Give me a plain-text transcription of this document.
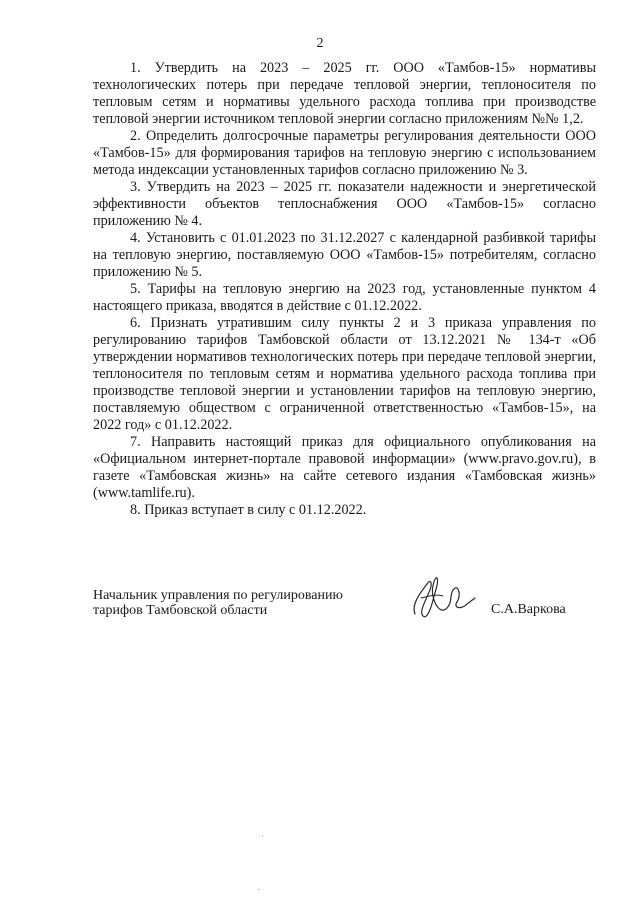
2

1. Утвердить на 2023 – 2025 гг. ООО «Тамбов-15» нормативы технологических потерь при передаче тепловой энергии, теплоносителя по тепловым сетям и нормативы удельного расхода топлива при производстве тепловой энергии источником тепловой энергии согласно приложениям №№ 1,2.

2. Определить долгосрочные параметры регулирования деятельности ООО «Тамбов-15» для формирования тарифов на тепловую энергию с использованием метода индексации установленных тарифов согласно приложению № 3.

3. Утвердить на 2023 – 2025 гг. показатели надежности и энергетической эффективности объектов теплоснабжения ООО «Тамбов-15» согласно приложению № 4.

4. Установить с 01.01.2023 по 31.12.2027 с календарной разбивкой тарифы на тепловую энергию, поставляемую ООО «Тамбов-15» потребителям, согласно приложению № 5.

5. Тарифы на тепловую энергию на 2023 год, установленные пунктом 4 настоящего приказа, вводятся в действие с 01.12.2022.

6. Признать утратившим силу пункты 2 и 3 приказа управления по регулированию тарифов Тамбовской области от 13.12.2021 № 134-т «Об утверждении нормативов технологических потерь при передаче тепловой энергии, теплоносителя по тепловым сетям и норматива удельного расхода топлива при производстве тепловой энергии и установлении тарифов на тепловую энергию, поставляемую обществом с ограниченной ответственностью «Тамбов-15», на 2022 год» с 01.12.2022.

7. Направить настоящий приказ для официального опубликования на «Официальном интернет-портале правовой информации» (www.pravo.gov.ru), в газете «Тамбовская жизнь» на сайте сетевого издания «Тамбовская жизнь» (www.tamlife.ru).

8. Приказ вступает в силу с 01.12.2022.

Начальник управления по регулированию
тарифов Тамбовской области	С.А.Варкова
